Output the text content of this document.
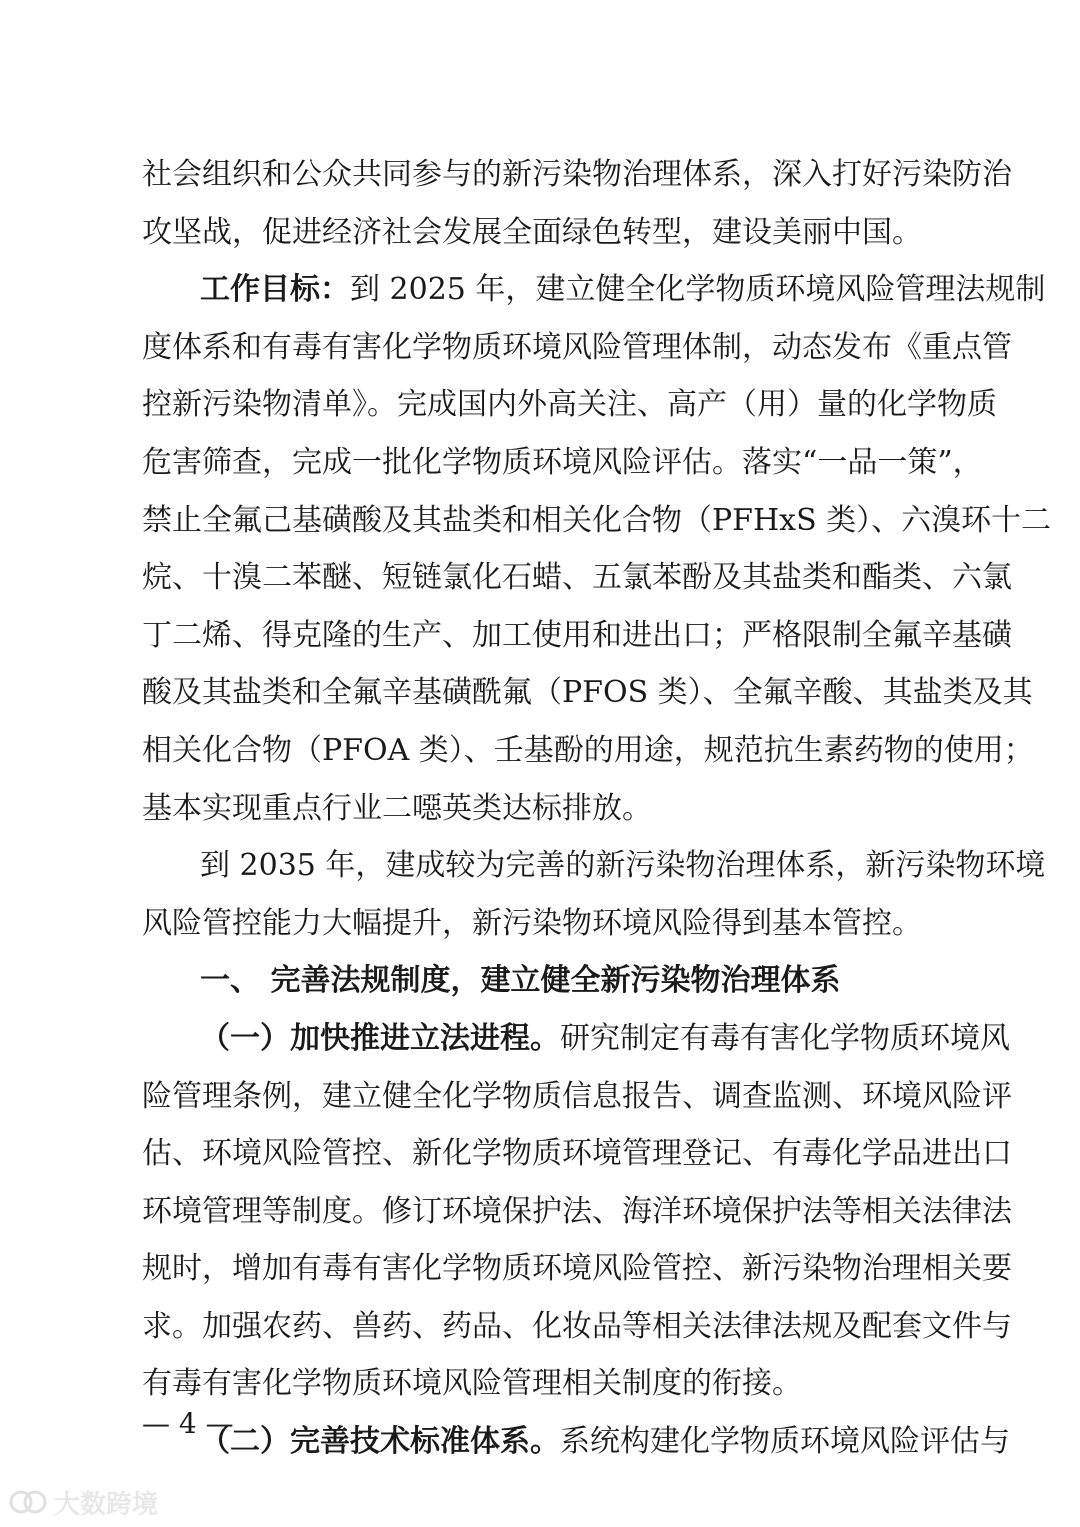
社会组织和公众共同参与的新污染物治理体系，深入打好污染防治
攻坚战，促进经济社会发展全面绿色转型，建设美丽中国。
工作目标：到 2025 年，建立健全化学物质环境风险管理法规制
度体系和有毒有害化学物质环境风险管理体制，动态发布《重点管
控新污染物清单》。完成国内外高关注、高产（用）量的化学物质
危害筛查，完成一批化学物质环境风险评估。落实“一品一策”，
禁止全氟己基磺酸及其盐类和相关化合物（PFHxS 类）、六溴环十二
烷、十溴二苯醚、短链氯化石蜡、五氯苯酚及其盐类和酯类、六氯
丁二烯、得克隆的生产、加工使用和进出口；严格限制全氟辛基磺
酸及其盐类和全氟辛基磺酰氟（PFOS 类）、全氟辛酸、其盐类及其
相关化合物（PFOA 类）、壬基酚的用途，规范抗生素药物的使用；
基本实现重点行业二噁英类达标排放。
到 2035 年，建成较为完善的新污染物治理体系，新污染物环境
风险管控能力大幅提升，新污染物环境风险得到基本管控。
一、 完善法规制度，建立健全新污染物治理体系
（一）加快推进立法进程。研究制定有毒有害化学物质环境风
险管理条例，建立健全化学物质信息报告、调查监测、环境风险评
估、环境风险管控、新化学物质环境管理登记、有毒化学品进出口
环境管理等制度。修订环境保护法、海洋环境保护法等相关法律法
规时，增加有毒有害化学物质环境风险管控、新污染物治理相关要
求。加强农药、兽药、药品、化妆品等相关法律法规及配套文件与
有毒有害化学物质环境风险管理相关制度的衔接。
（二）完善技术标准体系。系统构建化学物质环境风险评估与
— 4 —
大数跨境
